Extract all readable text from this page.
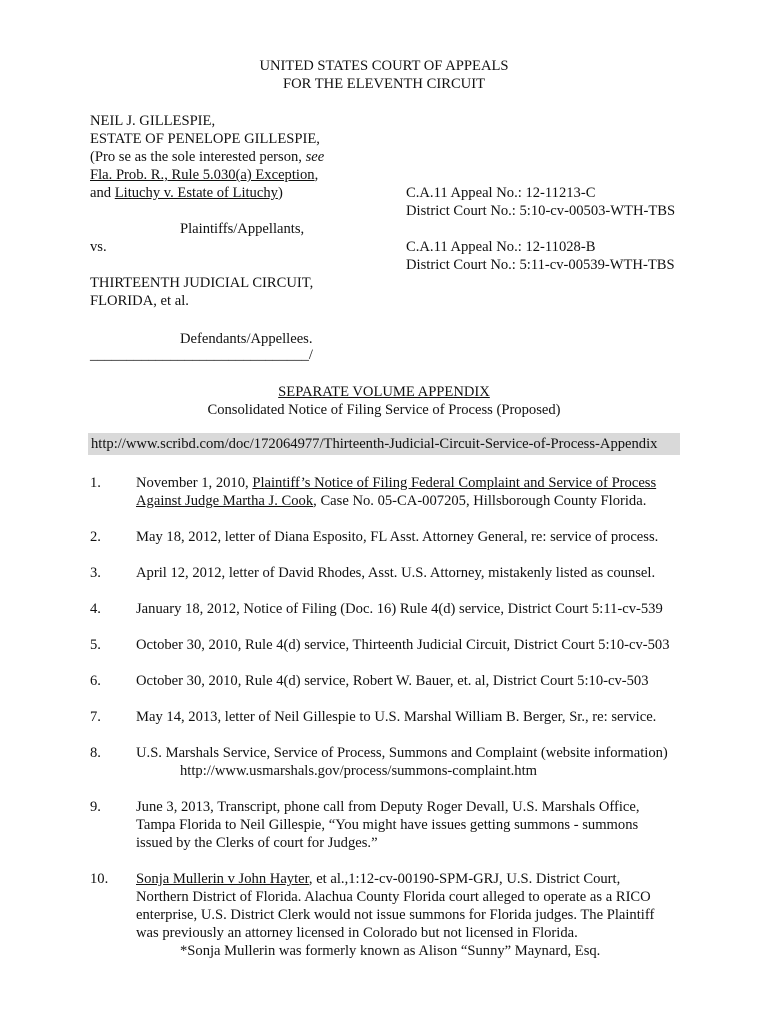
UNITED STATES COURT OF APPEALS
FOR THE ELEVENTH CIRCUIT
NEIL J. GILLESPIE,
ESTATE OF PENELOPE GILLESPIE,
(Pro se as the sole interested person, see
Fla. Prob. R., Rule 5.030(a) Exception,
and Lituchy v. Estate of Lituchy)
Plaintiffs/Appellants,
vs.
THIRTEENTH JUDICIAL CIRCUIT,
FLORIDA, et al.
Defendants/Appellees.
______________________________/
C.A.11 Appeal No.: 12-11213-C
District Court No.: 5:10-cv-00503-WTH-TBS
C.A.11 Appeal No.: 12-11028-B
District Court No.: 5:11-cv-00539-WTH-TBS
SEPARATE VOLUME APPENDIX
Consolidated Notice of Filing Service of Process (Proposed)
http://www.scribd.com/doc/172064977/Thirteenth-Judicial-Circuit-Service-of-Process-Appendix
1. November 1, 2010, Plaintiff’s Notice of Filing Federal Complaint and Service of Process
Against Judge Martha J. Cook, Case No. 05-CA-007205, Hillsborough County Florida.
2. May 18, 2012, letter of Diana Esposito, FL Asst. Attorney General, re: service of process.
3. April 12, 2012, letter of David Rhodes, Asst. U.S. Attorney, mistakenly listed as counsel.
4. January 18, 2012, Notice of Filing (Doc. 16) Rule 4(d) service, District Court 5:11-cv-539
5. October 30, 2010, Rule 4(d) service, Thirteenth Judicial Circuit, District Court 5:10-cv-503
6. October 30, 2010, Rule 4(d) service, Robert W. Bauer, et. al, District Court 5:10-cv-503
7. May 14, 2013, letter of Neil Gillespie to U.S. Marshal William B. Berger, Sr., re: service.
8. U.S. Marshals Service, Service of Process, Summons and Complaint (website information)
http://www.usmarshals.gov/process/summons-complaint.htm
9. June 3, 2013, Transcript, phone call from Deputy Roger Devall, U.S. Marshals Office,
Tampa Florida to Neil Gillespie, “You might have issues getting summons - summons
issued by the Clerks of court for Judges.”
10. Sonja Mullerin v John Hayter, et al.,1:12-cv-00190-SPM-GRJ, U.S. District Court,
Northern District of Florida. Alachua County Florida court alleged to operate as a RICO
enterprise, U.S. District Clerk would not issue summons for Florida judges. The Plaintiff
was previously an attorney licensed in Colorado but not licensed in Florida.
*Sonja Mullerin was formerly known as Alison “Sunny” Maynard, Esq.
